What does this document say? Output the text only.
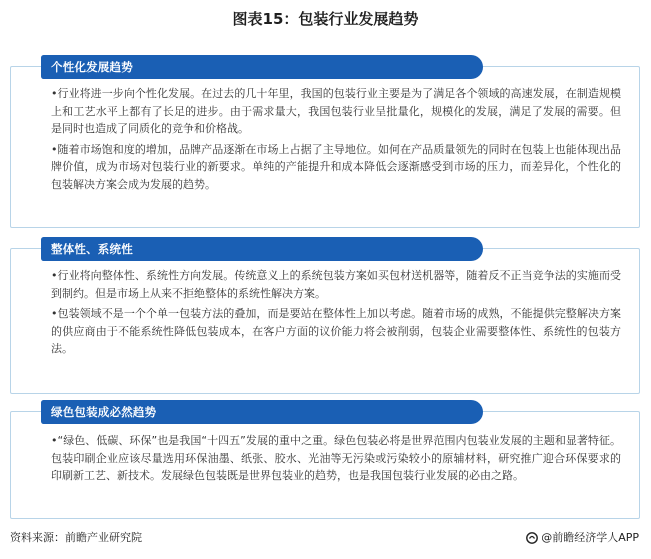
图表15：包装行业发展趋势
个性化发展趋势

•行业将进一步向个性化发展。在过去的几十年里，我国的包装行业主要是为了满足各个领域的高速发展，在制造规模上和工艺水平上都有了长足的进步。由于需求量大，我国包装行业呈批量化，规模化的发展，满足了发展的需要。但是同时也造成了同质化的竞争和价格战。

•随着市场饱和度的增加，品牌产品逐渐在市场上占据了主导地位。如何在产品质量领先的同时在包装上也能体现出品牌价值，成为市场对包装行业的新要求。单纯的产能提升和成本降低会逐渐感受到市场的压力，而差异化，个性化的包装解决方案会成为发展的趋势。

整体性、系统性

•行业将向整体性、系统性方向发展。传统意义上的系统包装方案如买包材送机器等，随着反不正当竞争法的实施而受到制约。但是市场上从来不拒绝整体的系统性解决方案。

•包装领域不是一个个单一包装方法的叠加，而是要站在整体性上加以考虑。随着市场的成熟，不能提供完整解决方案的供应商由于不能系统性降低包装成本，在客户方面的议价能力将会被削弱，包装企业需要整体性、系统性的包装方法。

绿色包装成必然趋势

•“绿色、低碳、环保”也是我国“十四五”发展的重中之重。绿色包装必将是世界范围内包装业发展的主题和显著特征。包装印刷企业应该尽量选用环保油墨、纸张、胶水、光油等无污染或污染较小的原辅材料，研究推广迎合环保要求的印刷新工艺、新技术。发展绿色包装既是世界包装业的趋势，也是我国包装行业发展的必由之路。

资料来源：前瞻产业研究院	@前瞻经济学人APP
